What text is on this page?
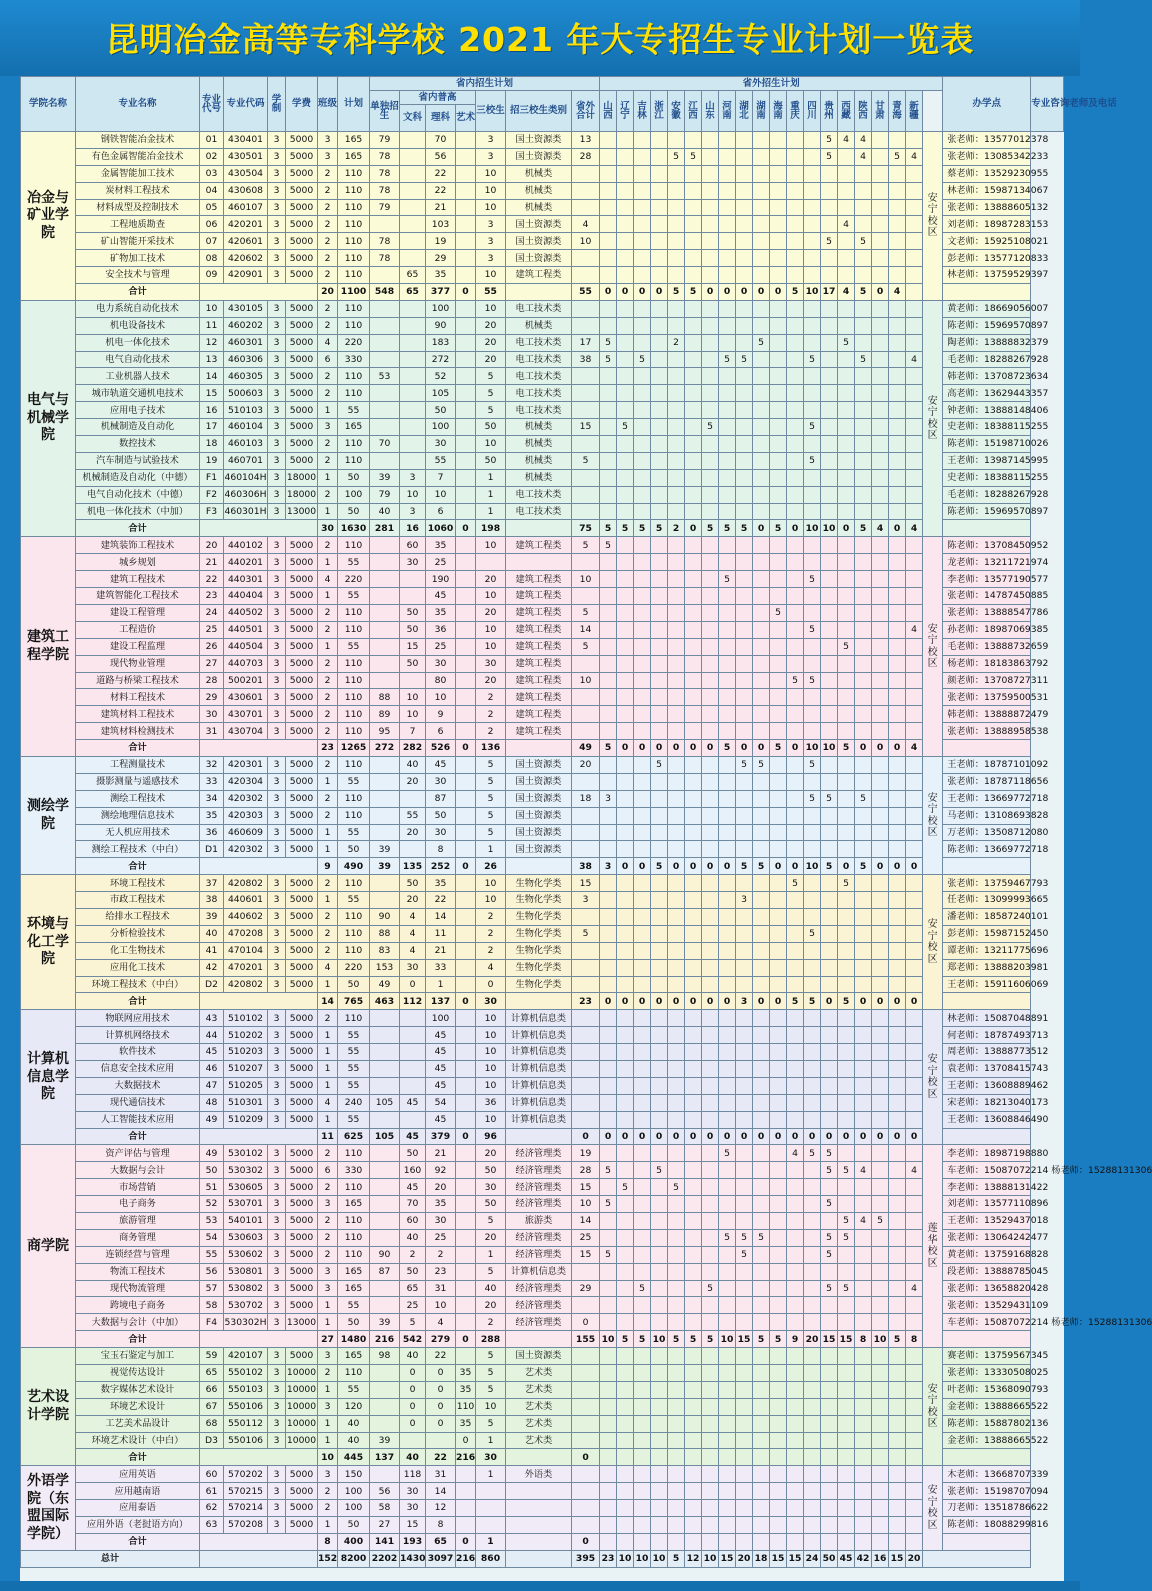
昆明冶金高等专科学校 2021 年大专招生专业计划一览表
学院名称	专业名称	专业代号	专业代码	学制	学费	班级	计划	省内招生计划							省外招生计划																				办学点	专业咨询老师及电话
								单独招生	省内普高			三校生	招三校生类别	省外合计	山西	辽宁	吉林	浙江	安徽	江西	山东	河南	湖北	湖南	海南	重庆	四川	贵州	西藏	陕西	甘肃	青海	新疆			
									文科	理科	艺术																									
冶金与矿业学院	钢铁智能冶金技术	01	430401	3	5000	3	165	79		70		3	国土资源类	13														5	4	4				安宁校区	张老师：13577012378	
	有色金属智能冶金技术	02	430501	3	5000	3	165	78		56		3	国土资源类	28					5	5								5		4		5	4		张老师：13085342233	
	金属智能加工技术	03	430504	3	5000	2	110	78		22		10	机械类																						蔡老师：13529230955	
	炭材料工程技术	04	430608	3	5000	2	110	78		22		10	机械类																						林老师：15987134067	
	材料成型及控制技术	05	460107	3	5000	2	110	79		21		10	机械类																						张老师：13888605132	
	工程地质勘查	06	420201	3	5000	2	110			103		3	国土资源类	4															4						刘老师：18987283153	
	矿山智能开采技术	07	420601	3	5000	2	110	78		19		3	国土资源类	10														5		5					文老师：15925108021	
	矿物加工技术	08	420602	3	5000	2	110	78		29		3	国土资源类																						彭老师：13577120833	
	安全技术与管理	09	420901	3	5000	2	110		65	35		10	建筑工程类																						林老师：13759529397	
	合计					20	1100	548	65	377	0	55		55	0	0	0	0	5	5	0	0	0	0	0	5	10	17	4	5	0	4				
电气与机械学院	电力系统自动化技术	10	430105	3	5000	2	110			100		10	电工技术类																					安宁校区	黄老师：18669056007	
	机电设备技术	11	460202	3	5000	2	110			90		20	机械类																						陈老师：15969570897	
	机电一体化技术	12	460301	3	5000	4	220			183		20	电工技术类	17	5				2					5					5						陶老师：13888832379	
	电气自动化技术	13	460306	3	5000	6	330			272		20	电工技术类	38	5		5					5	5				5			5			4		毛老师：18288267928	
	工业机器人技术	14	460305	3	5000	2	110	53		52		5	电工技术类																						韩老师：13708723634	
	城市轨道交通机电技术	15	500603	3	5000	2	110			105		5	电工技术类																						高老师：13629443357	
	应用电子技术	16	510103	3	5000	1	55			50		5	电工技术类																						钟老师：13888148406	
	机械制造及自动化	17	460104	3	5000	3	165			100		50	机械类	15		5					5						5								史老师：18388115255	
	数控技术	18	460103	3	5000	2	110	70		30		10	机械类																						陈老师：15198710026	
	汽车制造与试验技术	19	460701	3	5000	2	110			55		50	机械类	5													5								王老师：13987145995	
	机械制造及自动化（中德）	F1	460104H	3	18000	1	50	39	3	7		1	机械类																						史老师：18388115255	
	电气自动化技术（中德）	F2	460306H	3	18000	2	100	79	10	10		1	电工技术类																						毛老师：18288267928	
	机电一体化技术（中加）	F3	460301H	3	13000	1	50	40	3	6		1	电工技术类																						陈老师：15969570897	
	合计					30	1630	281	16	1060	0	198		75	5	5	5	5	2	0	5	5	5	0	5	0	10	10	0	5	4	0	4			
建筑工程学院	建筑装饰工程技术	20	440102	3	5000	2	110		60	35		10	建筑工程类	5	5																			安宁校区	陈老师：13708450952	
	城乡规划	21	440201	3	5000	1	55		30	25																									龙老师：13211721974	
	建筑工程技术	22	440301	3	5000	4	220			190		20	建筑工程类	10								5					5								李老师：13577190577	
	建筑智能化工程技术	23	440404	3	5000	1	55			45		10	建筑工程类																						张老师：14787450885	
	建设工程管理	24	440502	3	5000	2	110		50	35		20	建筑工程类	5											5										张老师：13888547786	
	工程造价	25	440501	3	5000	2	110		50	36		10	建筑工程类	14													5						4		孙老师：18987069385	
	建设工程监理	26	440504	3	5000	1	55		15	25		10	建筑工程类	5															5						毛老师：13888732659	
	现代物业管理	27	440703	3	5000	2	110		50	30		30	建筑工程类																						杨老师：18183863792	
	道路与桥梁工程技术	28	500201	3	5000	2	110			80		20	建筑工程类	10												5	5								颜老师：13708727311	
	材料工程技术	29	430601	3	5000	2	110	88	10	10		2	建筑工程类																						张老师：13759500531	
	建筑材料工程技术	30	430701	3	5000	2	110	89	10	9		2	建筑工程类																						韩老师：13888872479	
	建筑材料检测技术	31	430704	3	5000	2	110	95	7	6		2	建筑工程类																						张老师：13888958538	
	合计					23	1265	272	282	526	0	136		49	5	0	0	0	0	0	0	5	0	0	5	0	10	10	5	0	0	0	4			
测绘学院	工程测量技术	32	420301	3	5000	2	110		40	45		5	国土资源类	20				5					5	5			5							安宁校区	王老师：18787101092	
	摄影测量与遥感技术	33	420304	3	5000	1	55		20	30		5	国土资源类																						张老师：18787118656	
	测绘工程技术	34	420302	3	5000	2	110			87		5	国土资源类	18	3												5	5		5					王老师：13669772718	
	测绘地理信息技术	35	420303	3	5000	2	110		55	50		5	国土资源类																						马老师：13108693828	
	无人机应用技术	36	460609	3	5000	1	55		20	30		5	国土资源类																						万老师：13508712080	
	测绘工程技术（中白）	D1	420302	3	5000	1	50	39		8		1	国土资源类																						陈老师：13669772718	
	合计					9	490	39	135	252	0	26		38	3	0	0	5	0	0	0	0	5	5	0	0	10	5	0	5	0	0	0			
环境与化工学院	环境工程技术	37	420802	3	5000	2	110		50	35		10	生物化学类	15												5			5					安宁校区	张老师：13759467793	
	市政工程技术	38	440601	3	5000	1	55		20	22		10	生物化学类	3									3												任老师：13099993665	
	给排水工程技术	39	440602	3	5000	2	110	90	4	14		2	生物化学类																						潘老师：18587240101	
	分析检验技术	40	470208	3	5000	2	110	88	4	11		2	生物化学类	5													5								彭老师：15987152450	
	化工生物技术	41	470104	3	5000	2	110	83	4	21		2	生物化学类																						谭老师：13211775696	
	应用化工技术	42	470201	3	5000	4	220	153	30	33		4	生物化学类																						郑老师：13888203981	
	环境工程技术（中白）	D2	420802	3	5000	1	50	49	0	1		0	生物化学类																						王老师：15911606069	
	合计					14	765	463	112	137	0	30		23	0	0	0	0	0	0	0	0	3	0	0	5	5	0	5	0	0	0	0			
计算机信息学院	物联网应用技术	43	510102	3	5000	2	110			100		10	计算机信息类																					安宁校区	林老师：15087048891	
	计算机网络技术	44	510202	3	5000	1	55			45		10	计算机信息类																						何老师：18787493713	
	软件技术	45	510203	3	5000	1	55			45		10	计算机信息类																						周老师：13888773512	
	信息安全技术应用	46	510207	3	5000	1	55			45		10	计算机信息类																						袁老师：13708415743	
	大数据技术	47	510205	3	5000	1	55			45		10	计算机信息类																						王老师：13608889462	
	现代通信技术	48	510301	3	5000	4	240	105	45	54		36	计算机信息类																						宋老师：18213040173	
	人工智能技术应用	49	510209	3	5000	1	55			45		10	计算机信息类																						王老师：13608846490	
	合计					11	625	105	45	379	0	96		0	0	0	0	0	0	0	0	0	0	0	0	0	0	0	0	0	0	0	0			
商学院	资产评估与管理	49	530102	3	5000	2	110		50	21		20	经济管理类	19								5				4	5	5						莲华校区	李老师：18987198880	
	大数据与会计	50	530302	3	5000	6	330		160	92		50	经济管理类	28	5			5										5	5	4			4		车老师：15087072214 杨老师：15288131306	
	市场营销	51	530605	3	5000	2	110		45	20		30	经济管理类	15		5			5																李老师：13888131422	
	电子商务	52	530701	3	5000	3	165		70	35		50	经济管理类	10	5													5							刘老师：13577110896	
	旅游管理	53	540101	3	5000	2	110		60	30		5	旅游类	14															5	4	5				王老师：13529437018	
	商务管理	54	530603	3	5000	2	110		40	25		20	经济管理类	25								5	5	5				5	5						张老师：13064242477	
	连锁经营与管理	55	530602	3	5000	2	110	90	2	2		1	经济管理类	15	5								5					5							黄老师：13759168828	
	物流工程技术	56	530801	3	5000	3	165	87	50	23		5	计算机信息类																						段老师：13888785045	
	现代物流管理	57	530802	3	5000	3	165		65	31		40	经济管理类	29			5				5							5	5				4		张老师：13658820428	
	跨境电子商务	58	530702	3	5000	1	55		25	10		20	经济管理类																						张老师：13529431109	
	大数据与会计（中加）	F4	530302H	3	13000	1	50	39	5	4		2	经济管理类	0																					车老师：15087072214 杨老师：15288131306	
	合计					27	1480	216	542	279	0	288		155	10	5	5	10	5	5	5	10	15	5	5	9	20	15	15	8	10	5	8			
艺术设计学院	宝玉石鉴定与加工	59	420107	3	5000	3	165	98	40	22		5	国土资源类																					安宁校区	赛老师：13759567345	
	视觉传达设计	65	550102	3	10000	2	110		0	0	35	5	艺术类																						张老师：13330508025	
	数字媒体艺术设计	66	550103	3	10000	1	55		0	0	35	5	艺术类																						叶老师：15368090793	
	环境艺术设计	67	550106	3	10000	3	120		0	0	110	10	艺术类																						金老师：13888665522	
	工艺美术品设计	68	550112	3	10000	1	40		0	0	35	5	艺术类																						陈老师：15887802136	
	环境艺术设计（中白）	D3	550106	3	10000	1	40	39			0	1	艺术类																						金老师：13888665522	
	合计					10	445	137	40	22	216	30		0																						
外语学院（东盟国际学院）	应用英语	60	570202	3	5000	3	150		118	31		1	外语类																					安宁校区	木老师：13668707339	
	应用越南语	61	570215	3	5000	2	100	56	30	14																									张老师：15198707094	
	应用泰语	62	570214	3	5000	2	100	58	30	12																									刀老师：13518786622	
	应用外语（老挝语方向）	63	570208	3	5000	1	50	27	15	8																									陈老师：18088299816	
	合计					8	400	141	193	65	0	1		0																						
总计						152	8200	2202	1430	3097	216	860		395	23	10	10	10	5	12	10	15	20	18	15	15	24	50	45	42	16	15	20			
